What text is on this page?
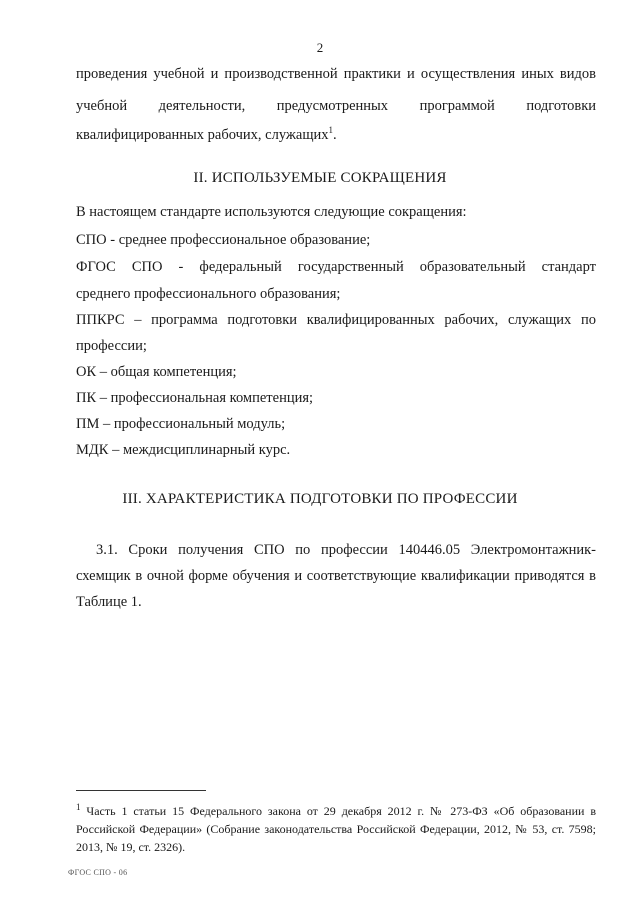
2
проведения учебной и производственной практики и осуществления иных видов
учебной деятельности, предусмотренных программой подготовки
квалифицированных рабочих, служащих$^1$.
II. ИСПОЛЬЗУЕМЫЕ СОКРАЩЕНИЯ
В настоящем стандарте используются следующие сокращения:
СПО - среднее профессиональное образование;
ФГОС СПО - федеральный государственный образовательный стандарт
среднего профессионального образования;
ППКРС – программа подготовки квалифицированных рабочих, служащих по
профессии;
ОК – общая компетенция;
ПК – профессиональная компетенция;
ПМ – профессиональный модуль;
МДК – междисциплинарный курс.
III. ХАРАКТЕРИСТИКА ПОДГОТОВКИ ПО ПРОФЕССИИ
3.1. Сроки получения СПО по профессии 140446.05 Электромонтажник-
схемщик в очной форме обучения и соответствующие квалификации приводятся в
Таблице 1.
$^1$ Часть 1 статьи 15 Федерального закона от 29 декабря 2012 г. № 273-ФЗ «Об образовании в Российской Федерации» (Собрание законодательства Российской Федерации, 2012, № 53, ст. 7598; 2013, № 19, ст. 2326).
ФГОС СПО - 06
